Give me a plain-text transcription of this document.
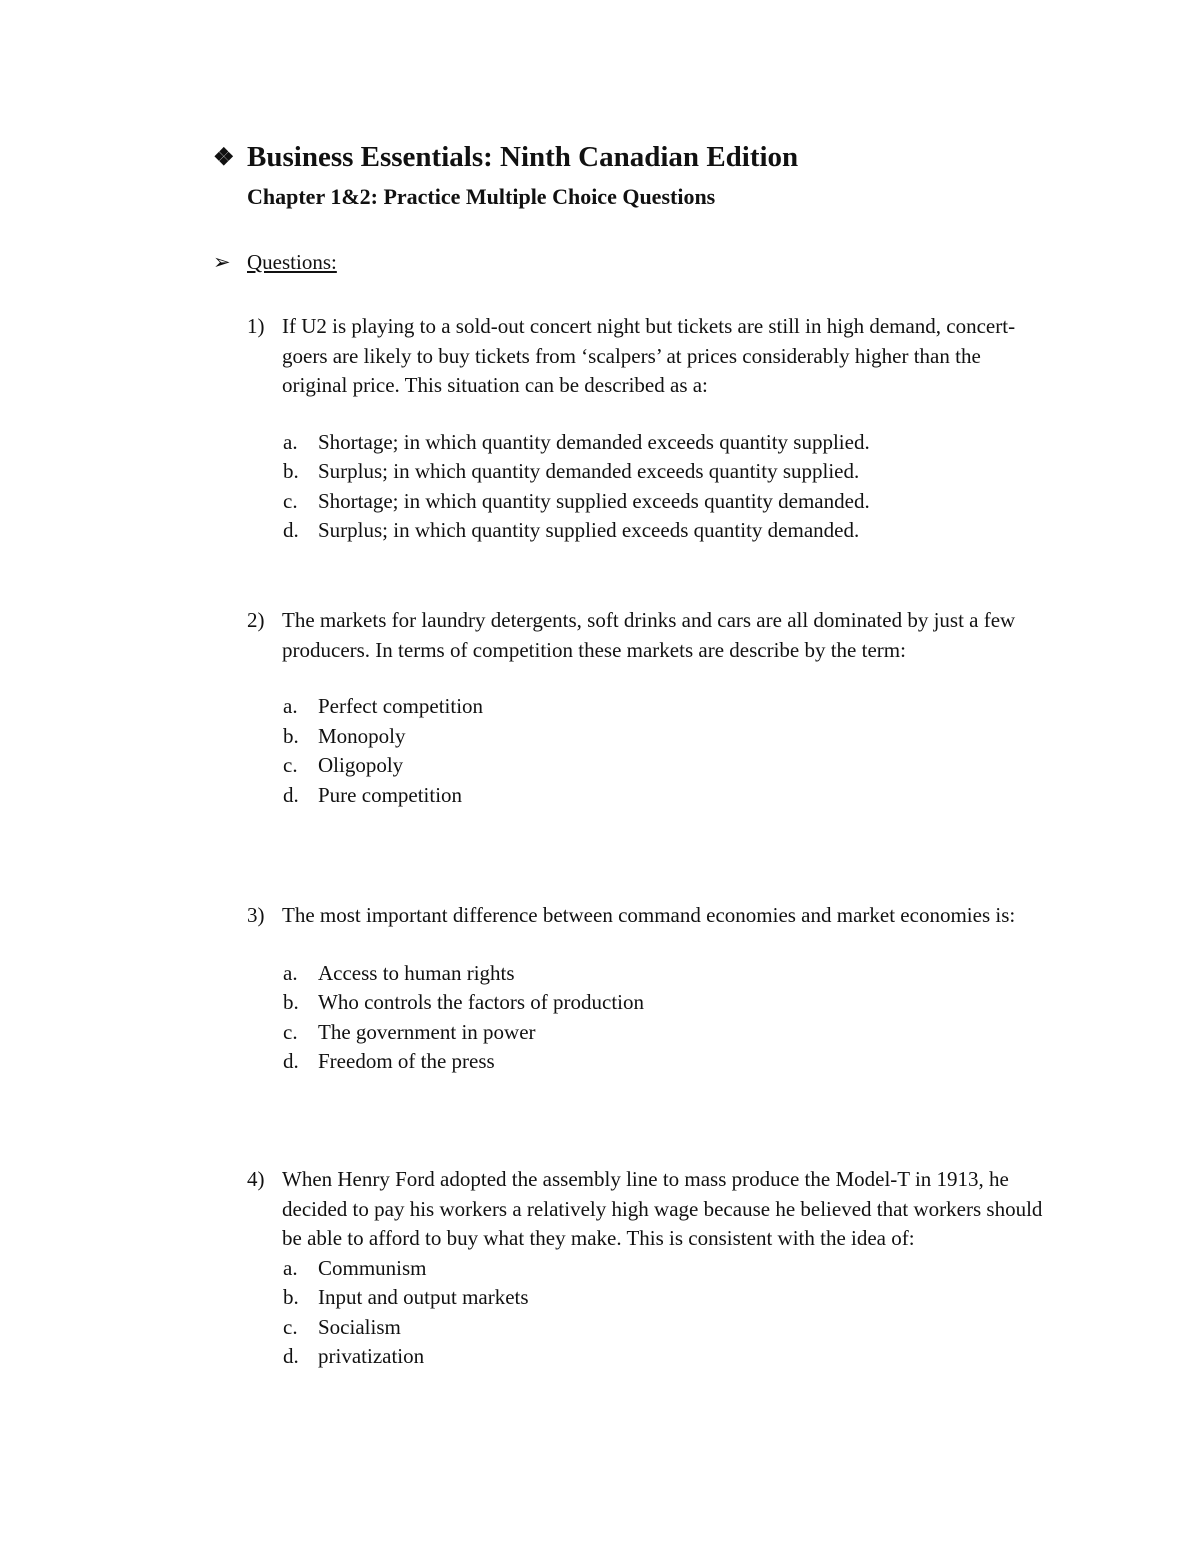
❖ Business Essentials: Ninth Canadian Edition
Chapter 1&2: Practice Multiple Choice Questions
➢ Questions:
1) If U2 is playing to a sold-out concert night but tickets are still in high demand, concert-goers are likely to buy tickets from ‘scalpers’ at prices considerably higher than the original price. This situation can be described as a:
a. Shortage; in which quantity demanded exceeds quantity supplied.
b. Surplus; in which quantity demanded exceeds quantity supplied.
c. Shortage; in which quantity supplied exceeds quantity demanded.
d. Surplus; in which quantity supplied exceeds quantity demanded.
2) The markets for laundry detergents, soft drinks and cars are all dominated by just a few producers. In terms of competition these markets are describe by the term:
a. Perfect competition
b. Monopoly
c. Oligopoly
d. Pure competition
3) The most important difference between command economies and market economies is:
a. Access to human rights
b. Who controls the factors of production
c. The government in power
d. Freedom of the press
4) When Henry Ford adopted the assembly line to mass produce the Model-T in 1913, he decided to pay his workers a relatively high wage because he believed that workers should be able to afford to buy what they make. This is consistent with the idea of:
a. Communism
b. Input and output markets
c. Socialism
d. privatization
